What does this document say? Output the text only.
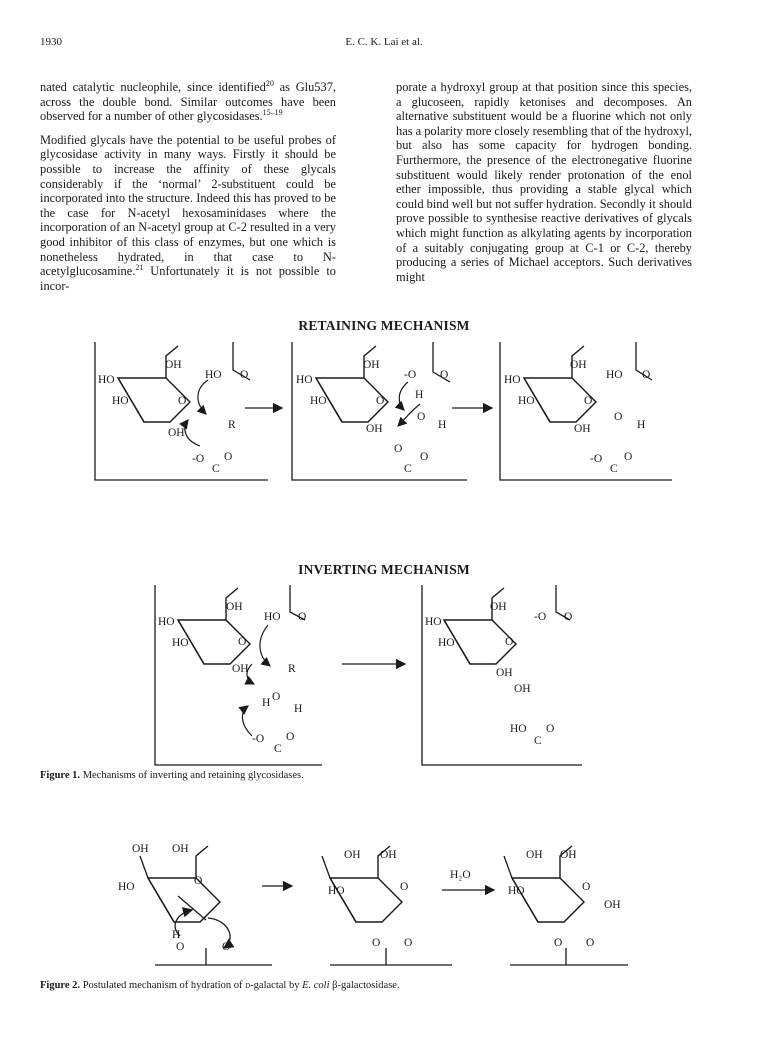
1930	E. C. K. Lai et al.

nated catalytic nucleophile, since identified$^{20}$ as Glu537, across the double bond. Similar outcomes have been observed for a number of other glycosidases.$^{15-19}$

Modified glycals have the potential to be useful probes of glycosidase activity in many ways. Firstly it should be possible to increase the affinity of these glycals considerably if the ‘normal’ 2-substituent could be incorporated into the structure. Indeed this has proved to be the case for N-acetyl hexosaminidases where the incorporation of an N-acetyl group at C-2 resulted in a very good inhibitor of this class of enzymes, but one which is nonetheless hydrated, in that case to N-acetylglucosamine.$^{21}$ Unfortunately it is not possible to incor-

porate a hydroxyl group at that position since this species, a glucoseen, rapidly ketonises and decomposes. An alternative substituent would be a fluorine which not only has a polarity more closely resembling that of the hydroxyl, but also has some capacity for hydrogen bonding. Furthermore, the presence of the electronegative fluorine substituent would likely render protonation of the enol ether impossible, thus providing a stable glycal which could bind well but not suffer hydration. Secondly it should prove possible to synthesise reactive derivatives of glycals which might function as alkylating agents by incorporation of a suitably conjugating group at C-1 or C-2, thereby producing a series of Michael acceptors. Such derivatives might

RETAINING MECHANISM
INVERTING MECHANISM
HO
HO
OH
O
OH
R
HO O
-O O
C
HO
HO
OH
O
OH
-O O
H
O
H
O
O
C
HO
HO
OH
O
OH
HO O
O
H
-O O
C
HO
HO
OH
O
OH	R
HO O
O
H H
-O O
C
HO
HO
OH
O
OH
OH
-O O
HO O
C
OH OH
HO	O
H
O	O
OH OH
HO	O
O O
OH OH
HO	O
OH
O O
H₂O
Figure 1. Mechanisms of inverting and retaining glycosidases.
Figure 2. Postulated mechanism of hydration of d-galactal by E. coli β-galactosidase.
